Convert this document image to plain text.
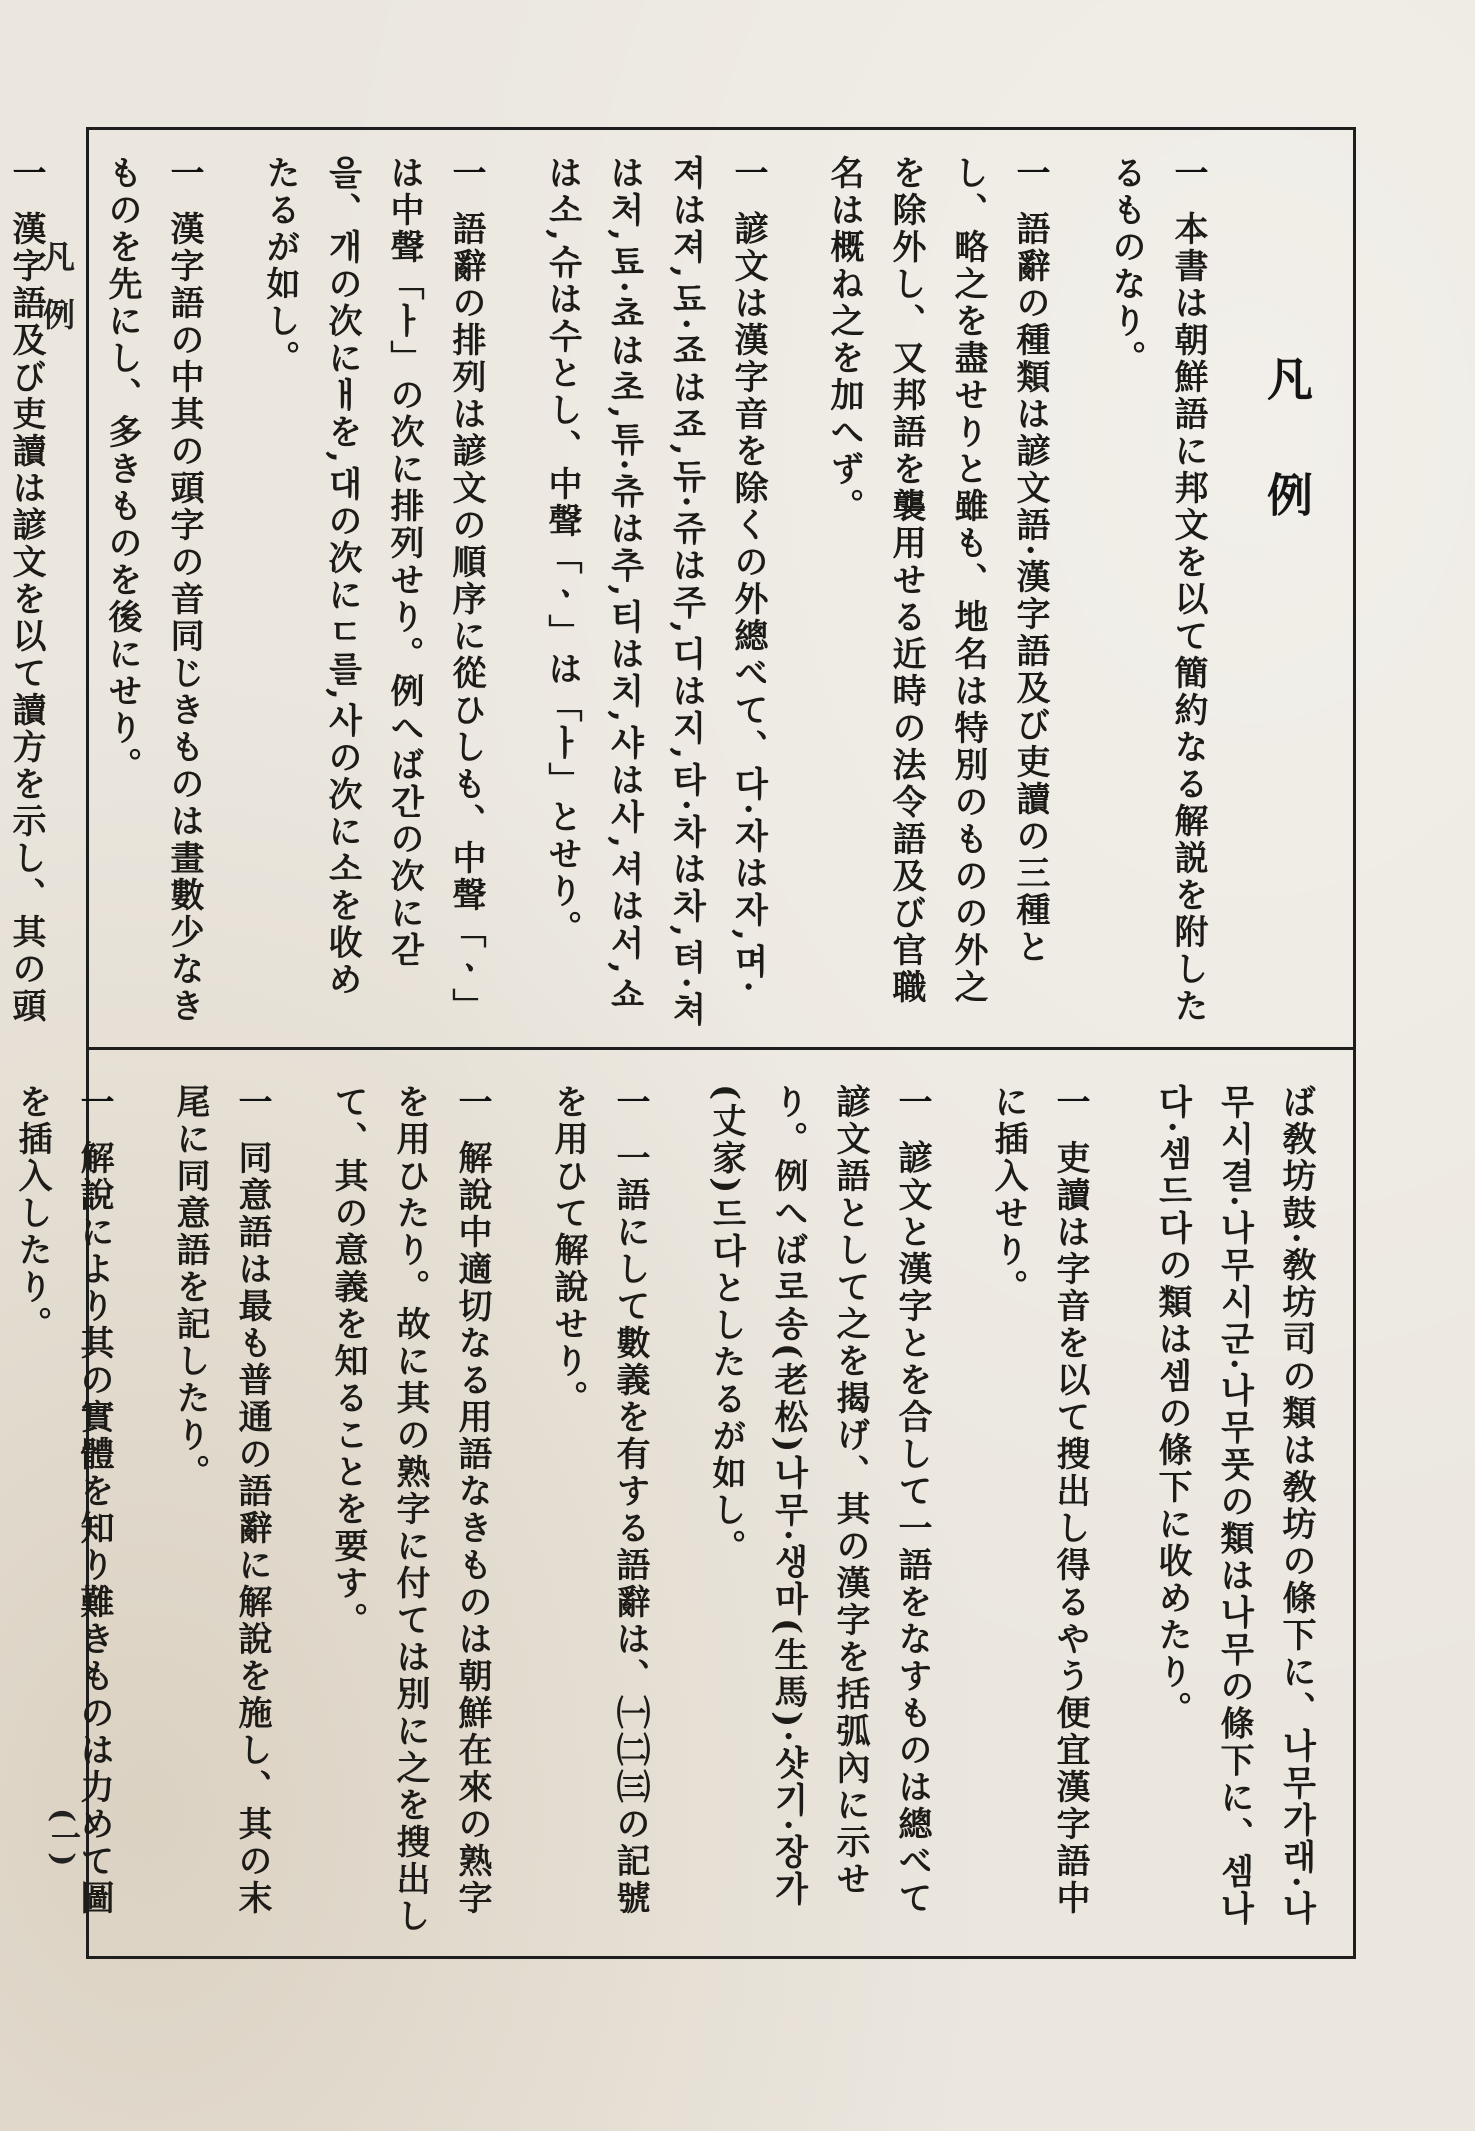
凡例
(一)
凡例
一本書は朝鮮語に邦文を以て簡約なる解説を附したるものなり。
一語辭の種類は諺文語·漢字語及び吏讀の三種とし、略之を盡せりと雖も、地名は特別のものの外之を除外し、又邦語を襲用せる近時の法令語及び官職名は概ね之を加へず。
一諺文は漢字音を除くの外總べて、다·자は자,며·져は져,됴·죠は죠,듀·쥬は주,디は지,타·차は차,텨·쳐は처,툐·쵸は초,튜·츄は추,티は치,샤は사,셔は서,쇼は소,슈は수とし、中聲「ㆍ」は「ㅏ」とせり。
一語辭の排列は諺文の順序に從ひしも、中聲「ㆍ」は中聲「ㅏ」の次に排列せり。例へば간の次に갇을、개の次にㅐを,대の次にㄷ를,사の次に소を收めたるが如し。
一漢字語の中其の頭字の音同じきものは畫數少なきものを先にし、多きものを後にせり。
一漢字語及び吏讀は諺文を以て讀方を示し、其の頭
ば敎坊鼓·敎坊司の類は敎坊の條下に、나무가래·나무시결·나무시군·나무풋の類は나무の條下に、셈나다·셈드다の類は셈の條下に收めたり。
一吏讀は字音を以て搜出し得るやう便宜漢字語中に插入せり。
一諺文と漢字とを合して一語をなすものは總べて諺文語として之を揭げ、其の漢字を括弧內に示せり。例へば로송(老松)나무·생마(生馬)·샷기·장가(丈家)드다としたるが如し。
一一語にして數義を有する語辭は、㈠㈡㈢の記號を用ひて解說せり。
一解說中適切なる用語なきものは朝鮮在來の熟字を用ひたり。故に其の熟字に付ては別に之を搜出して、其の意義を知ることを要す。
一同意語は最も普通の語辭に解說を施し、其の末尾に同意語を記したり。
一解說により其の實體を知り難きものは力めて圖を插入したり。
